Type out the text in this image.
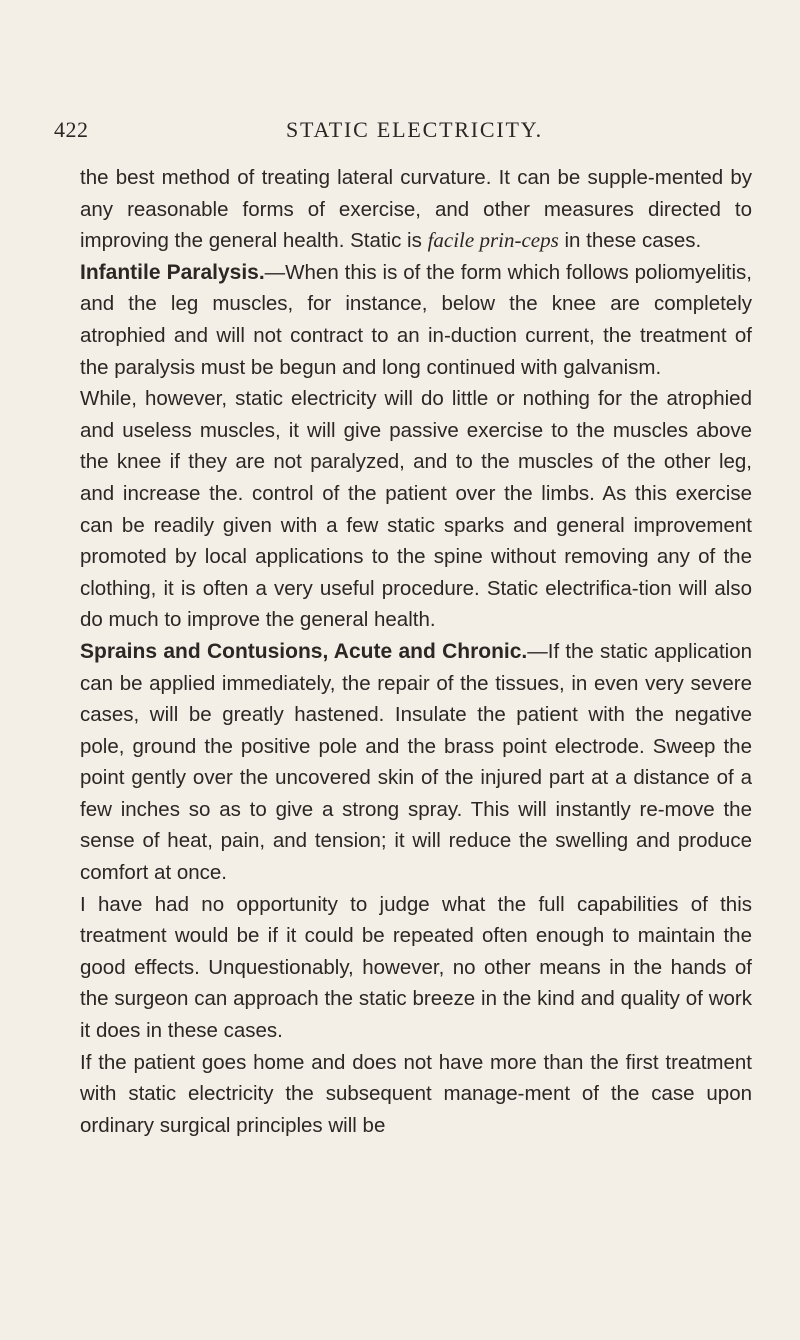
422	STATIC ELECTRICITY.

the best method of treating lateral curvature. It can be supple-mented by any reasonable forms of exercise, and other measures directed to improving the general health. Static is facile prin-ceps in these cases.

Infantile Paralysis.—When this is of the form which follows poliomyelitis, and the leg muscles, for instance, below the knee are completely atrophied and will not contract to an in-duction current, the treatment of the paralysis must be begun and long continued with galvanism.

While, however, static electricity will do little or nothing for the atrophied and useless muscles, it will give passive exercise to the muscles above the knee if they are not paralyzed, and to the muscles of the other leg, and increase the. control of the patient over the limbs. As this exercise can be readily given with a few static sparks and general improvement promoted by local applications to the spine without removing any of the clothing, it is often a very useful procedure. Static electrifica-tion will also do much to improve the general health.

Sprains and Contusions, Acute and Chronic.—If the static application can be applied immediately, the repair of the tissues, in even very severe cases, will be greatly hastened. Insulate the patient with the negative pole, ground the positive pole and the brass point electrode. Sweep the point gently over the uncovered skin of the injured part at a distance of a few inches so as to give a strong spray. This will instantly re-move the sense of heat, pain, and tension; it will reduce the swelling and produce comfort at once.

I have had no opportunity to judge what the full capabilities of this treatment would be if it could be repeated often enough to maintain the good effects. Unquestionably, however, no other means in the hands of the surgeon can approach the static breeze in the kind and quality of work it does in these cases.

If the patient goes home and does not have more than the first treatment with static electricity the subsequent manage-ment of the case upon ordinary surgical principles will be
